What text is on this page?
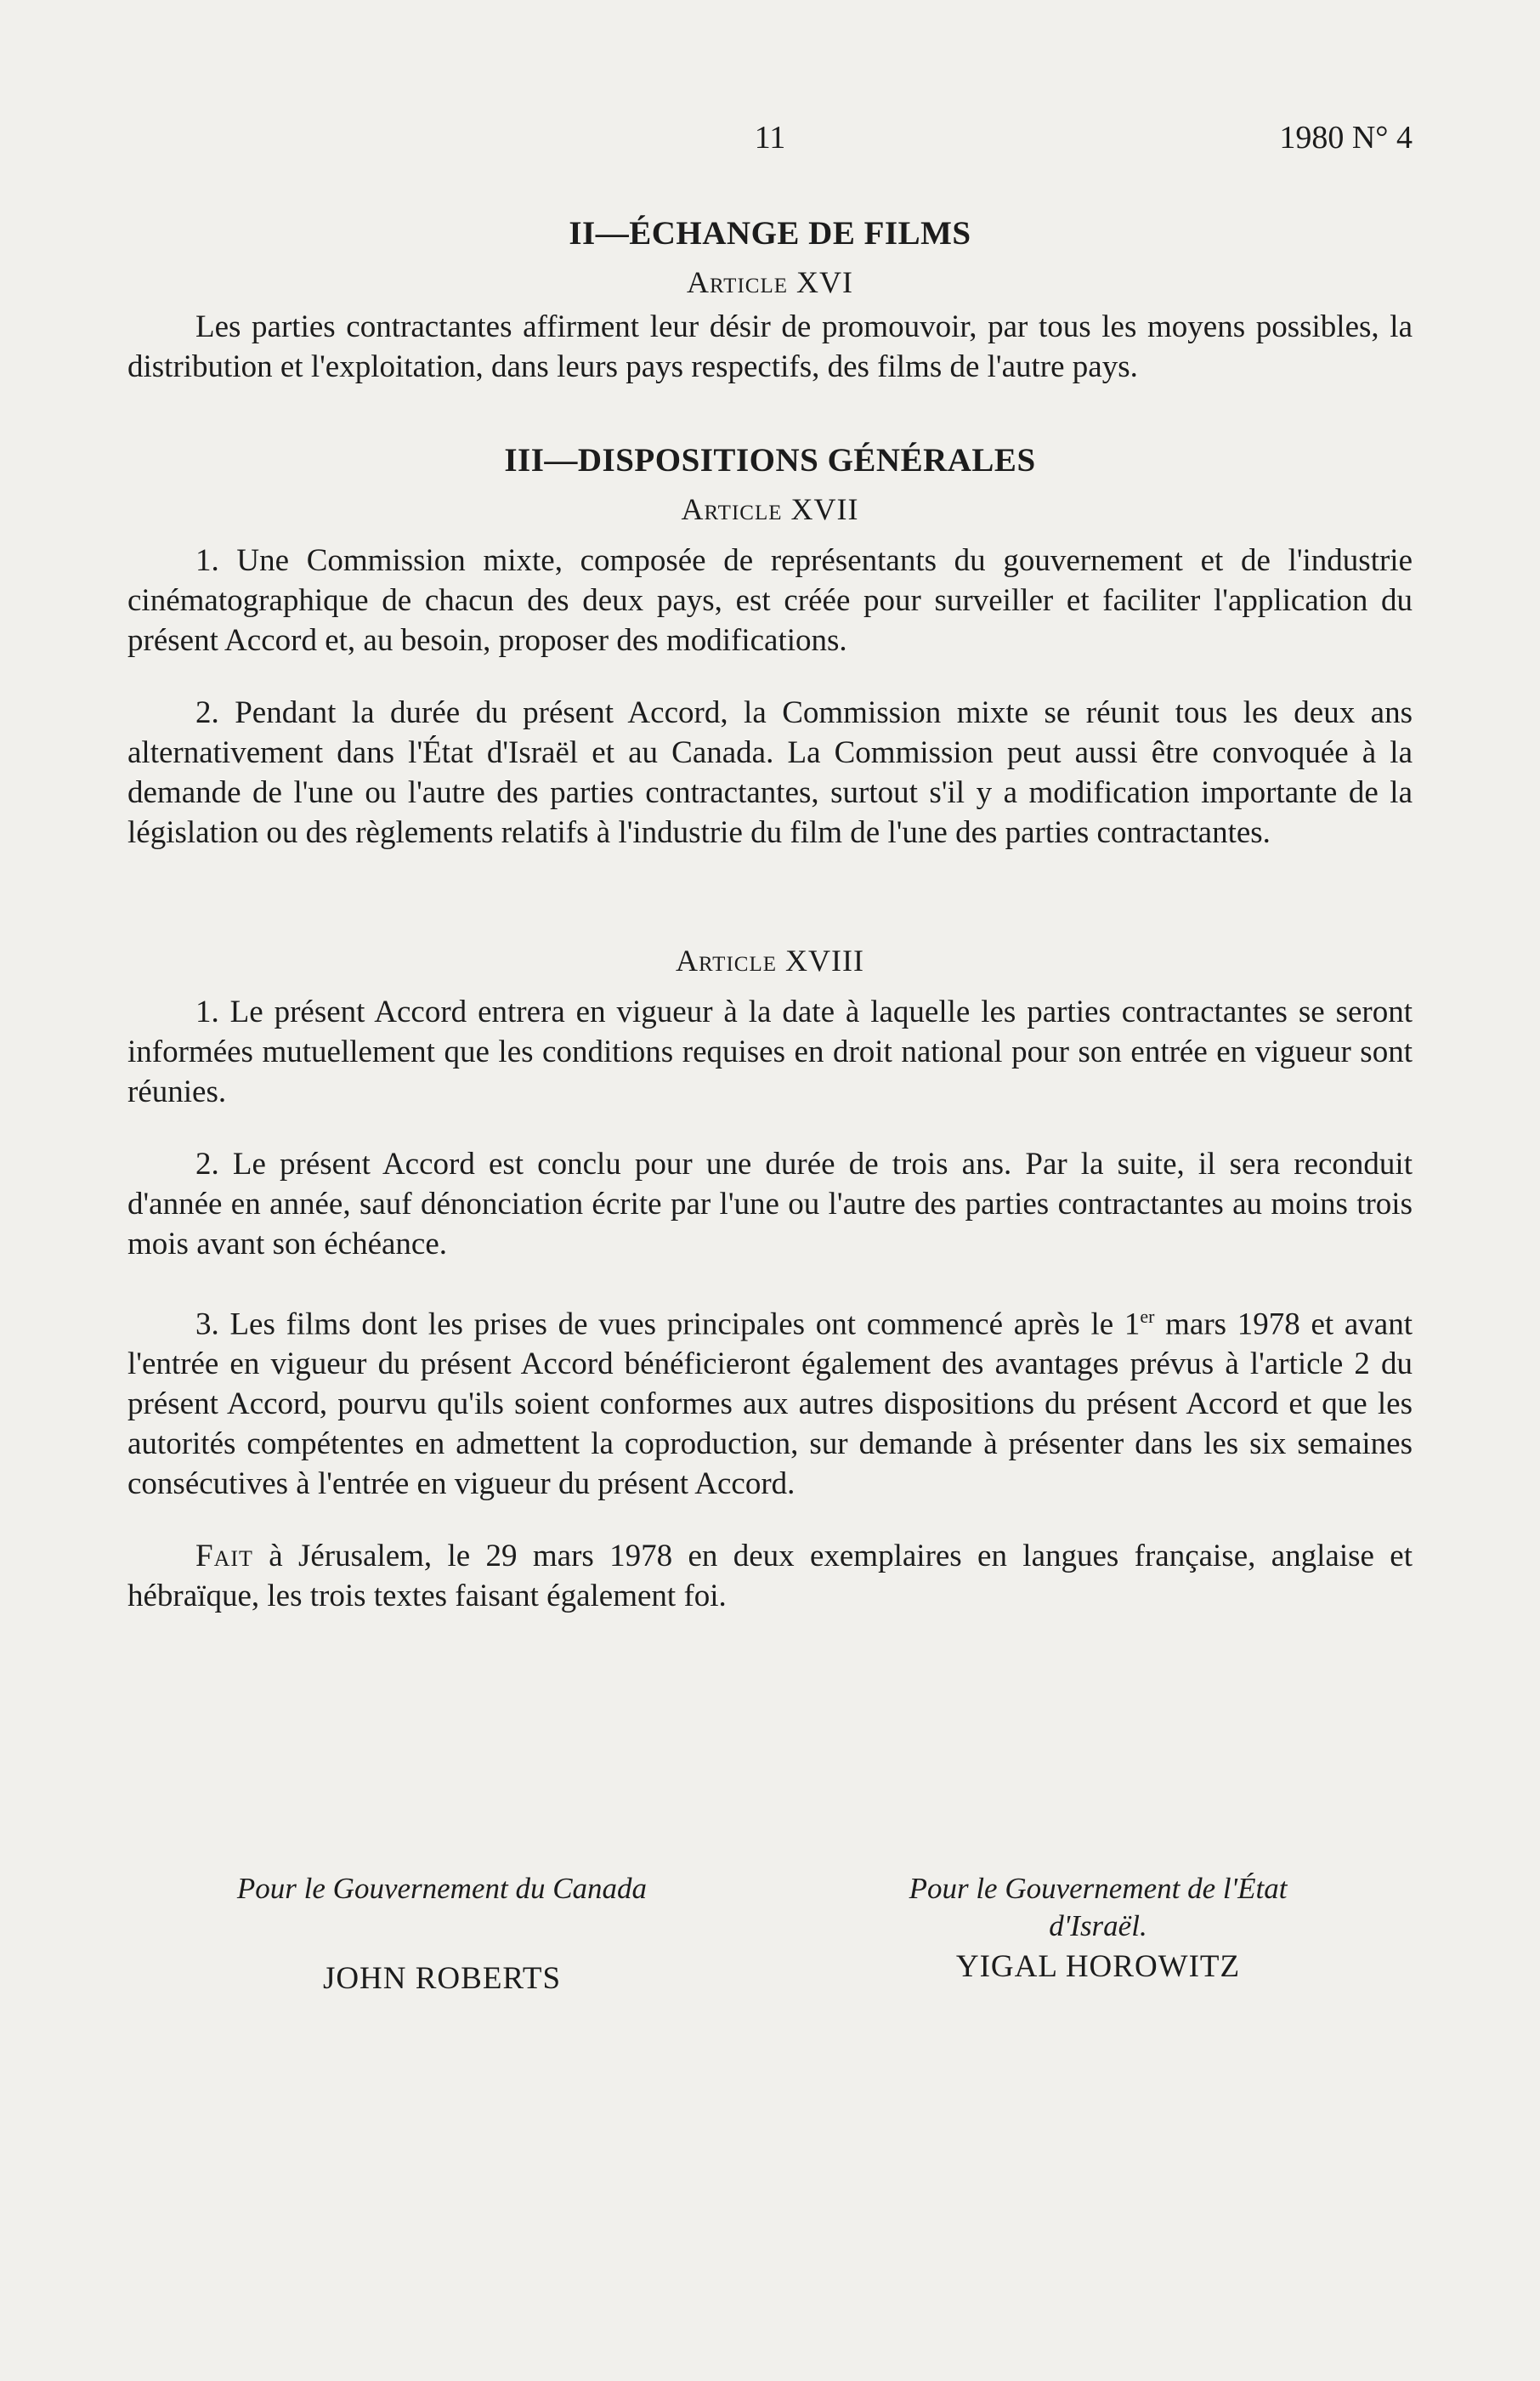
11	1980 N° 4
II—ÉCHANGE DE FILMS
Article XVI

Les parties contractantes affirment leur désir de promouvoir, par tous les moyens possibles, la distribution et l'exploitation, dans leurs pays respectifs, des films de l'autre pays.

III—DISPOSITIONS GÉNÉRALES
Article XVII

1. Une Commission mixte, composée de représentants du gouvernement et de l'industrie cinématographique de chacun des deux pays, est créée pour surveiller et faciliter l'application du présent Accord et, au besoin, proposer des modifications.

2. Pendant la durée du présent Accord, la Commission mixte se réunit tous les deux ans alternativement dans l'État d'Israël et au Canada. La Commission peut aussi être convoquée à la demande de l'une ou l'autre des parties contractantes, surtout s'il y a modification importante de la législation ou des règlements relatifs à l'industrie du film de l'une des parties contractantes.

Article XVIII

1. Le présent Accord entrera en vigueur à la date à laquelle les parties contractantes se seront informées mutuellement que les conditions requises en droit national pour son entrée en vigueur sont réunies.

2. Le présent Accord est conclu pour une durée de trois ans. Par la suite, il sera reconduit d'année en année, sauf dénonciation écrite par l'une ou l'autre des parties contractantes au moins trois mois avant son échéance.

3. Les films dont les prises de vues principales ont commencé après le 1er mars 1978 et avant l'entrée en vigueur du présent Accord bénéficieront également des avantages prévus à l'article 2 du présent Accord, pourvu qu'ils soient conformes aux autres dispositions du présent Accord et que les autorités compétentes en admettent la coproduction, sur demande à présenter dans les six semaines consécutives à l'entrée en vigueur du présent Accord.

Fait à Jérusalem, le 29 mars 1978 en deux exemplaires en langues française, anglaise et hébraïque, les trois textes faisant également foi.

Pour le Gouvernement du Canada
JOHN ROBERTS
Pour le Gouvernement de l'État
d'Israël.
YIGAL HOROWITZ
